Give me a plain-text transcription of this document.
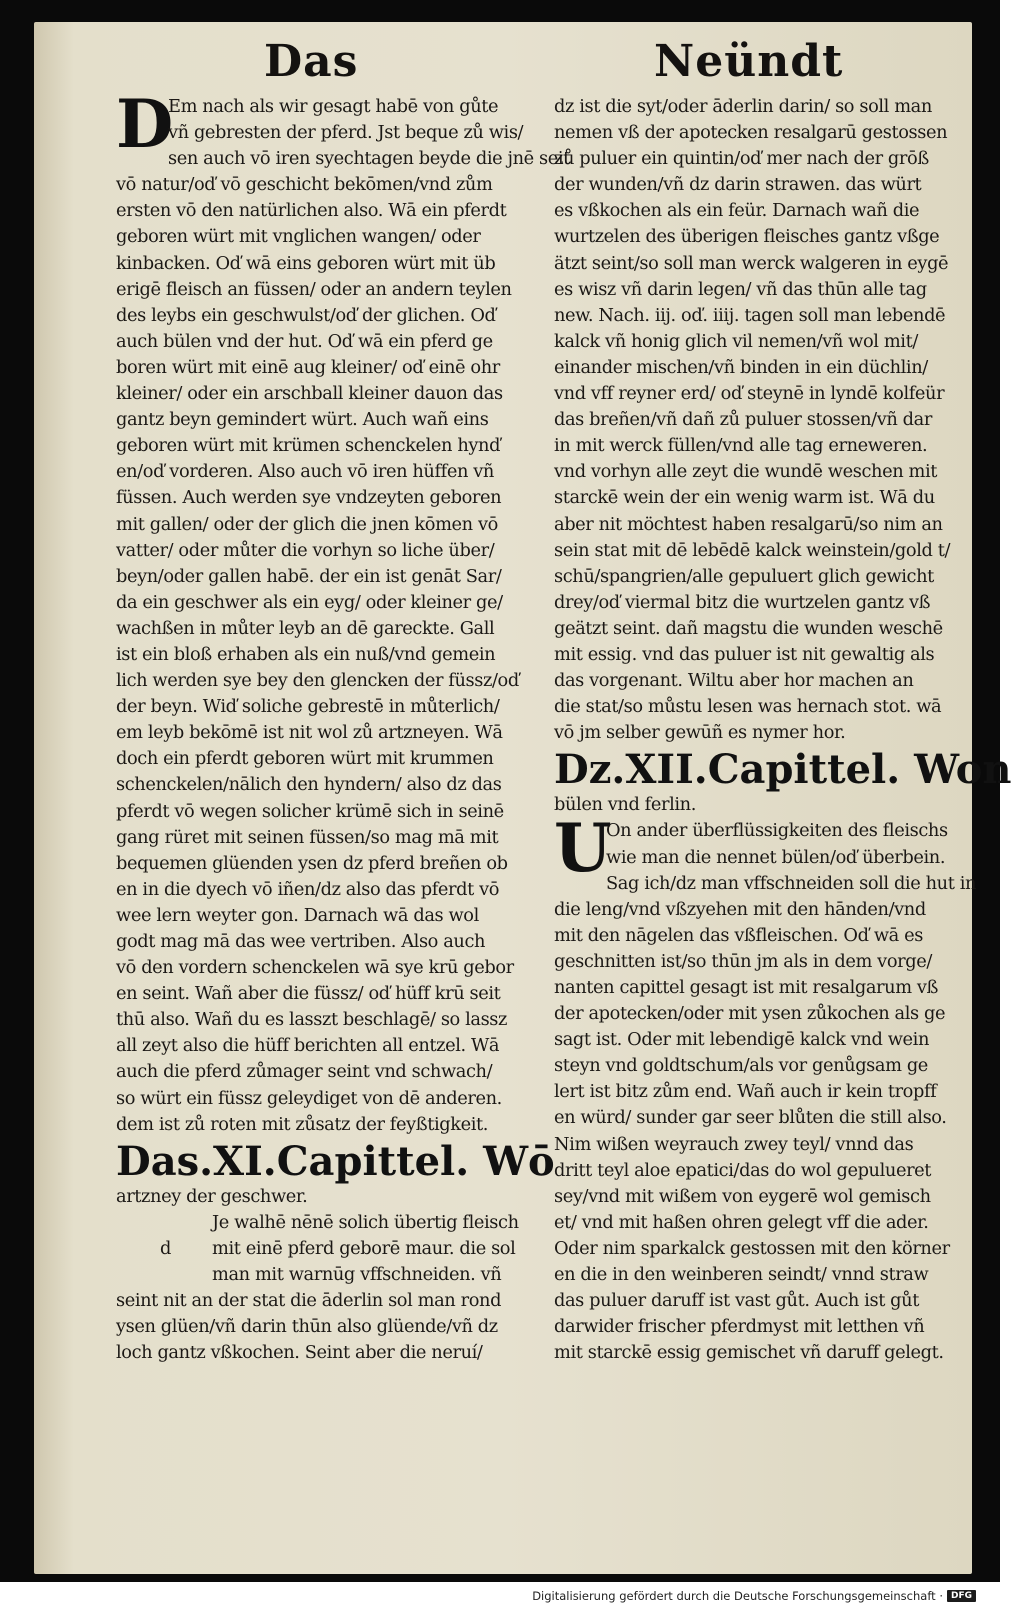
Das	Neündt
D
Em nach als wir gesagt habē von gůte
vñ gebresten der pferd. Jst beque zů wis/
sen auch vō iren syechtagen beyde die jnē seit
vō natur/oď vō geschicht bekōmen/vnd zům
ersten vō den natürlichen also. Wā ein pferdt
geboren würt mit vnglichen wangen/ oder
kinbacken. Oď wā eins geboren würt mit üb
erigē fleisch an füssen/ oder an andern teylen
des leybs ein geschwulst/oď der glichen. Oď
auch bülen vnd der hut. Oď wā ein pferd ge
boren würt mit einē aug kleiner/ oď einē ohr
kleiner/ oder ein arschball kleiner dauon das
gantz beyn gemindert würt. Auch wañ eins
geboren würt mit krümen schenckelen hynď
en/oď vorderen. Also auch vō iren hüffen vñ
füssen. Auch werden sye vndzeyten geboren
mit gallen/ oder der glich die jnen kōmen vō
vatter/ oder můter die vorhyn so liche über/
beyn/oder gallen habē. der ein ist genāt Sar/
da ein geschwer als ein eyg/ oder kleiner ge/
wachßen in můter leyb an dē gareckte. Gall
ist ein bloß erhaben als ein nuß/vnd gemein
lich werden sye bey den glencken der füssz/oď
der beyn. Wiď soliche gebrestē in můterlich/
em leyb bekōmē ist nit wol zů artzneyen. Wā
doch ein pferdt geboren würt mit krummen
schenckelen/nālich den hyndern/ also dz das
pferdt vō wegen solicher krümē sich in seinē
gang rüret mit seinen füssen/so mag mā mit
bequemen glüenden ysen dz pferd breñen ob
en in die dyech vō iñen/dz also das pferdt vō
wee lern weyter gon. Darnach wā das wol
godt mag mā das wee vertriben. Also auch
vō den vordern schenckelen wā sye krū gebor
en seint. Wañ aber die füssz/ oď hüff krū seit
thū also. Wañ du es lasszt beschlagē/ so lassz
all zeyt also die hüff berichten all entzel. Wā
auch die pferd zůmager seint vnd schwach/
so würt ein füssz geleydiget von dē anderen.
dem ist zů roten mit zůsatz der feyßtigkeit.
Das.XI.Capittel. Wō
artzney der geschwer.
Je walhē nēnē solich übertig fleisch
d mit einē pferd geborē maur. die sol
man mit warnūg vffschneiden. vñ
seint nit an der stat die āderlin sol man rond
ysen glüen/vñ darin thūn also glüende/vñ dz
loch gantz vßkochen. Seint aber die neruí/
dz ist die syt/oder āderlin darin/ so soll man
nemen vß der apotecken resalgarū gestossen
zů puluer ein quintin/oď mer nach der grōß
der wunden/vñ dz darin strawen. das würt
es vßkochen als ein feür. Darnach wañ die
wurtzelen des überigen fleisches gantz vßge
ätzt seint/so soll man werck walgeren in eygē
es wisz vñ darin legen/ vñ das thūn alle tag
new. Nach. iij. oď. iiij. tagen soll man lebendē
kalck vñ honig glich vil nemen/vñ wol mit/
einander mischen/vñ binden in ein düchlin/
vnd vff reyner erd/ oď steynē in lyndē kolfeür
das breñen/vñ dañ zů puluer stossen/vñ dar
in mit werck füllen/vnd alle tag erneweren.
vnd vorhyn alle zeyt die wundē weschen mit
starckē wein der ein wenig warm ist. Wā du
aber nit möchtest haben resalgarū/so nim an
sein stat mit dē lebēdē kalck weinstein/gold t/
schū/spangrien/alle gepuluert glich gewicht
drey/oď viermal bitz die wurtzelen gantz vß
geätzt seint. dañ magstu die wunden weschē
mit essig. vnd das puluer ist nit gewaltig als
das vorgenant. Wiltu aber hor machen an
die stat/so můstu lesen was hernach stot. wā
vō jm selber gewūñ es nymer hor.
Dz.XII.Capittel. Won
bülen vnd ferlin.
U
On ander überflüssigkeiten des fleischs
wie man die nennet bülen/oď überbein.
Sag ich/dz man vffschneiden soll die hut in
die leng/vnd vßzyehen mit den hānden/vnd
mit den nāgelen das vßfleischen. Oď wā es
geschnitten ist/so thūn jm als in dem vorge/
nanten capittel gesagt ist mit resalgarum vß
der apotecken/oder mit ysen zůkochen als ge
sagt ist. Oder mit lebendigē kalck vnd wein
steyn vnd goldtschum/als vor genůgsam ge
lert ist bitz zům end. Wañ auch ir kein tropff
en würd/ sunder gar seer blůten die still also.
Nim wißen weyrauch zwey teyl/ vnnd das
dritt teyl aloe epatici/das do wol gepulueret
sey/vnd mit wißem von eygerē wol gemisch
et/ vnd mit haßen ohren gelegt vff die ader.
Oder nim sparkalck gestossen mit den körner
en die in den weinberen seindt/ vnnd straw
das puluer daruff ist vast gůt. Auch ist gůt
darwider frischer pferdmyst mit letthen vñ
mit starckē essig gemischet vñ daruff gelegt.
Digitalisierung gefördert durch die Deutsche Forschungsgemeinschaft · DFG
